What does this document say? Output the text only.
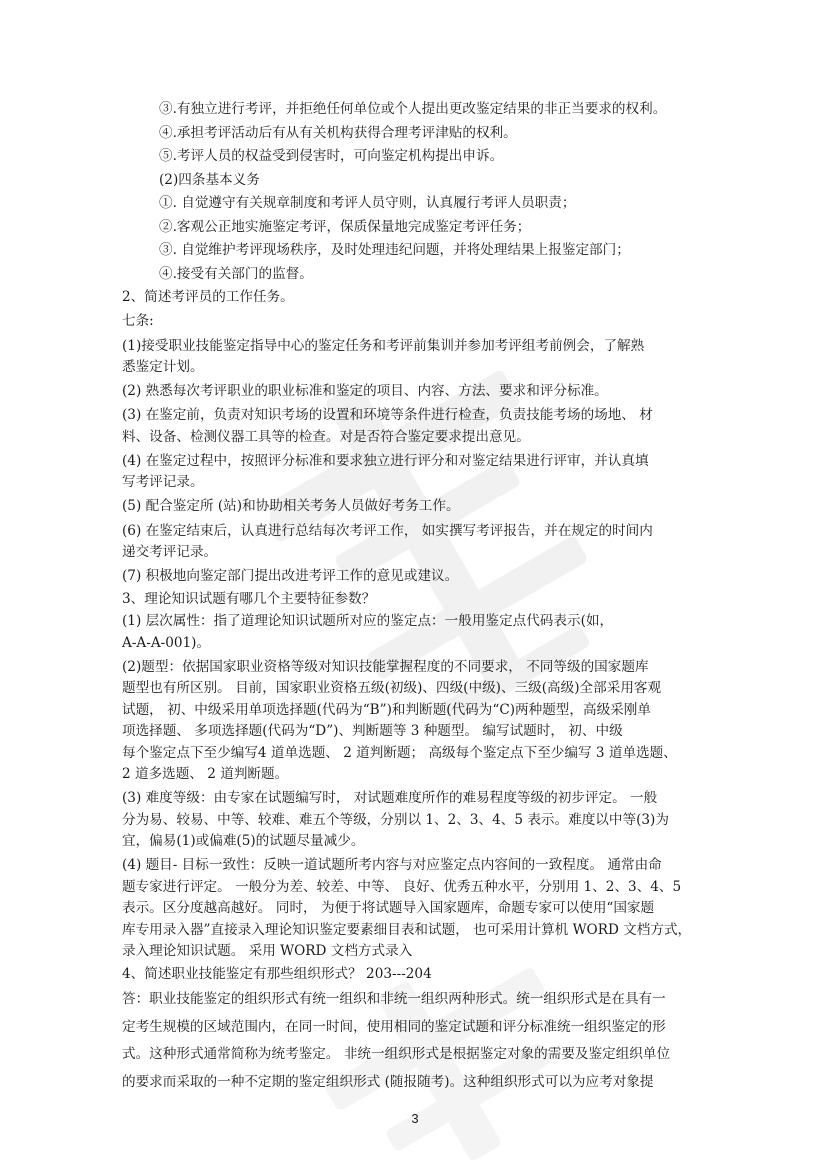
③.有独立进行考评，并拒绝任何单位或个人提出更改鉴定结果的非正当要求的权利。
④.承担考评活动后有从有关机构获得合理考评津贴的权利。
⑤.考评人员的权益受到侵害时，可向鉴定机构提出申诉。
(2)四条基本义务
①. 自觉遵守有关规章制度和考评人员守则，认真履行考评人员职责；
②.客观公正地实施鉴定考评，保质保量地完成鉴定考评任务；
③. 自觉维护考评现场秩序，及时处理违纪问题，并将处理结果上报鉴定部门；
④.接受有关部门的监督。
2、简述考评员的工作任务。
七条:
(1)接受职业技能鉴定指导中心的鉴定任务和考评前集训并参加考评组考前例会，了解熟
悉鉴定计划。
(2) 熟悉每次考评职业的职业标准和鉴定的项目、内容、方法、要求和评分标准。
(3) 在鉴定前，负责对知识考场的设置和环境等条件进行检查，负责技能考场的场地、 材
料、设备、检测仪器工具等的检查。对是否符合鉴定要求提出意见。
(4) 在鉴定过程中，按照评分标准和要求独立进行评分和对鉴定结果进行评审，并认真填
写考评记录。
(5) 配合鉴定所 (站)和协助相关考务人员做好考务工作。
(6) 在鉴定结束后，认真进行总结每次考评工作， 如实撰写考评报告，并在规定的时间内
递交考评记录。
(7) 积极地向鉴定部门提出改进考评工作的意见或建议。
3、理论知识试题有哪几个主要特征参数？
(1) 层次属性：指了道理论知识试题所对应的鉴定点：一般用鉴定点代码表示(如，
A-A-A-001)。
(2)题型：依据国家职业资格等级对知识技能掌握程度的不同要求， 不同等级的国家题库
题型也有所区别。 目前，国家职业资格五级(初级)、四级(中级)、三级(高级)全部采用客观
试题， 初、中级采用单项选择题(代码为“B”)和判断题(代码为“C)两种题型，高级采刚单
项选择题、 多项选择题(代码为“D”)、判断题等 3 种题型。 编写试题时， 初、中级
每个鉴定点下至少编写4 道单选题、 2 道判断题； 高级每个鉴定点下至少编写 3 道单选题、
2 道多选题、 2 道判断题。
(3) 难度等级：由专家在试题编写时， 对试题难度所作的难易程度等级的初步评定。 一般
分为易、较易、中等、较难、难五个等级，分别以 1、2、3、4、5 表示。难度以中等(3)为
宜，偏易(1)或偏难(5)的试题尽量减少。
(4) 题目- 目标一致性：反映一道试题所考内容与对应鉴定点内容间的一致程度。 通常由命
题专家进行评定。 一般分为差、较差、中等、 良好、优秀五种水平，分别用 1、2、3、4、5
表示。区分度越高越好。 同时， 为便于将试题导入国家题库，命题专家可以使用“国家题
库专用录入器”直接录入理论知识鉴定要素细目表和试题， 也可采用计算机 WORD 文档方式，
录入理论知识试题。 采用 WORD 文档方式录入
4、简述职业技能鉴定有那些组织形式？ 203---204
答：职业技能鉴定的组织形式有统一组织和非统一组织两种形式。统一组织形式是在具有一
定考生规模的区域范围内，在同一时间，使用相同的鉴定试题和评分标准统一组织鉴定的形
式。这种形式通常简称为统考鉴定。 非统一组织形式是根据鉴定对象的需要及鉴定组织单位
的要求而采取的一种不定期的鉴定组织形式 (随报随考)。这种组织形式可以为应考对象提
3
